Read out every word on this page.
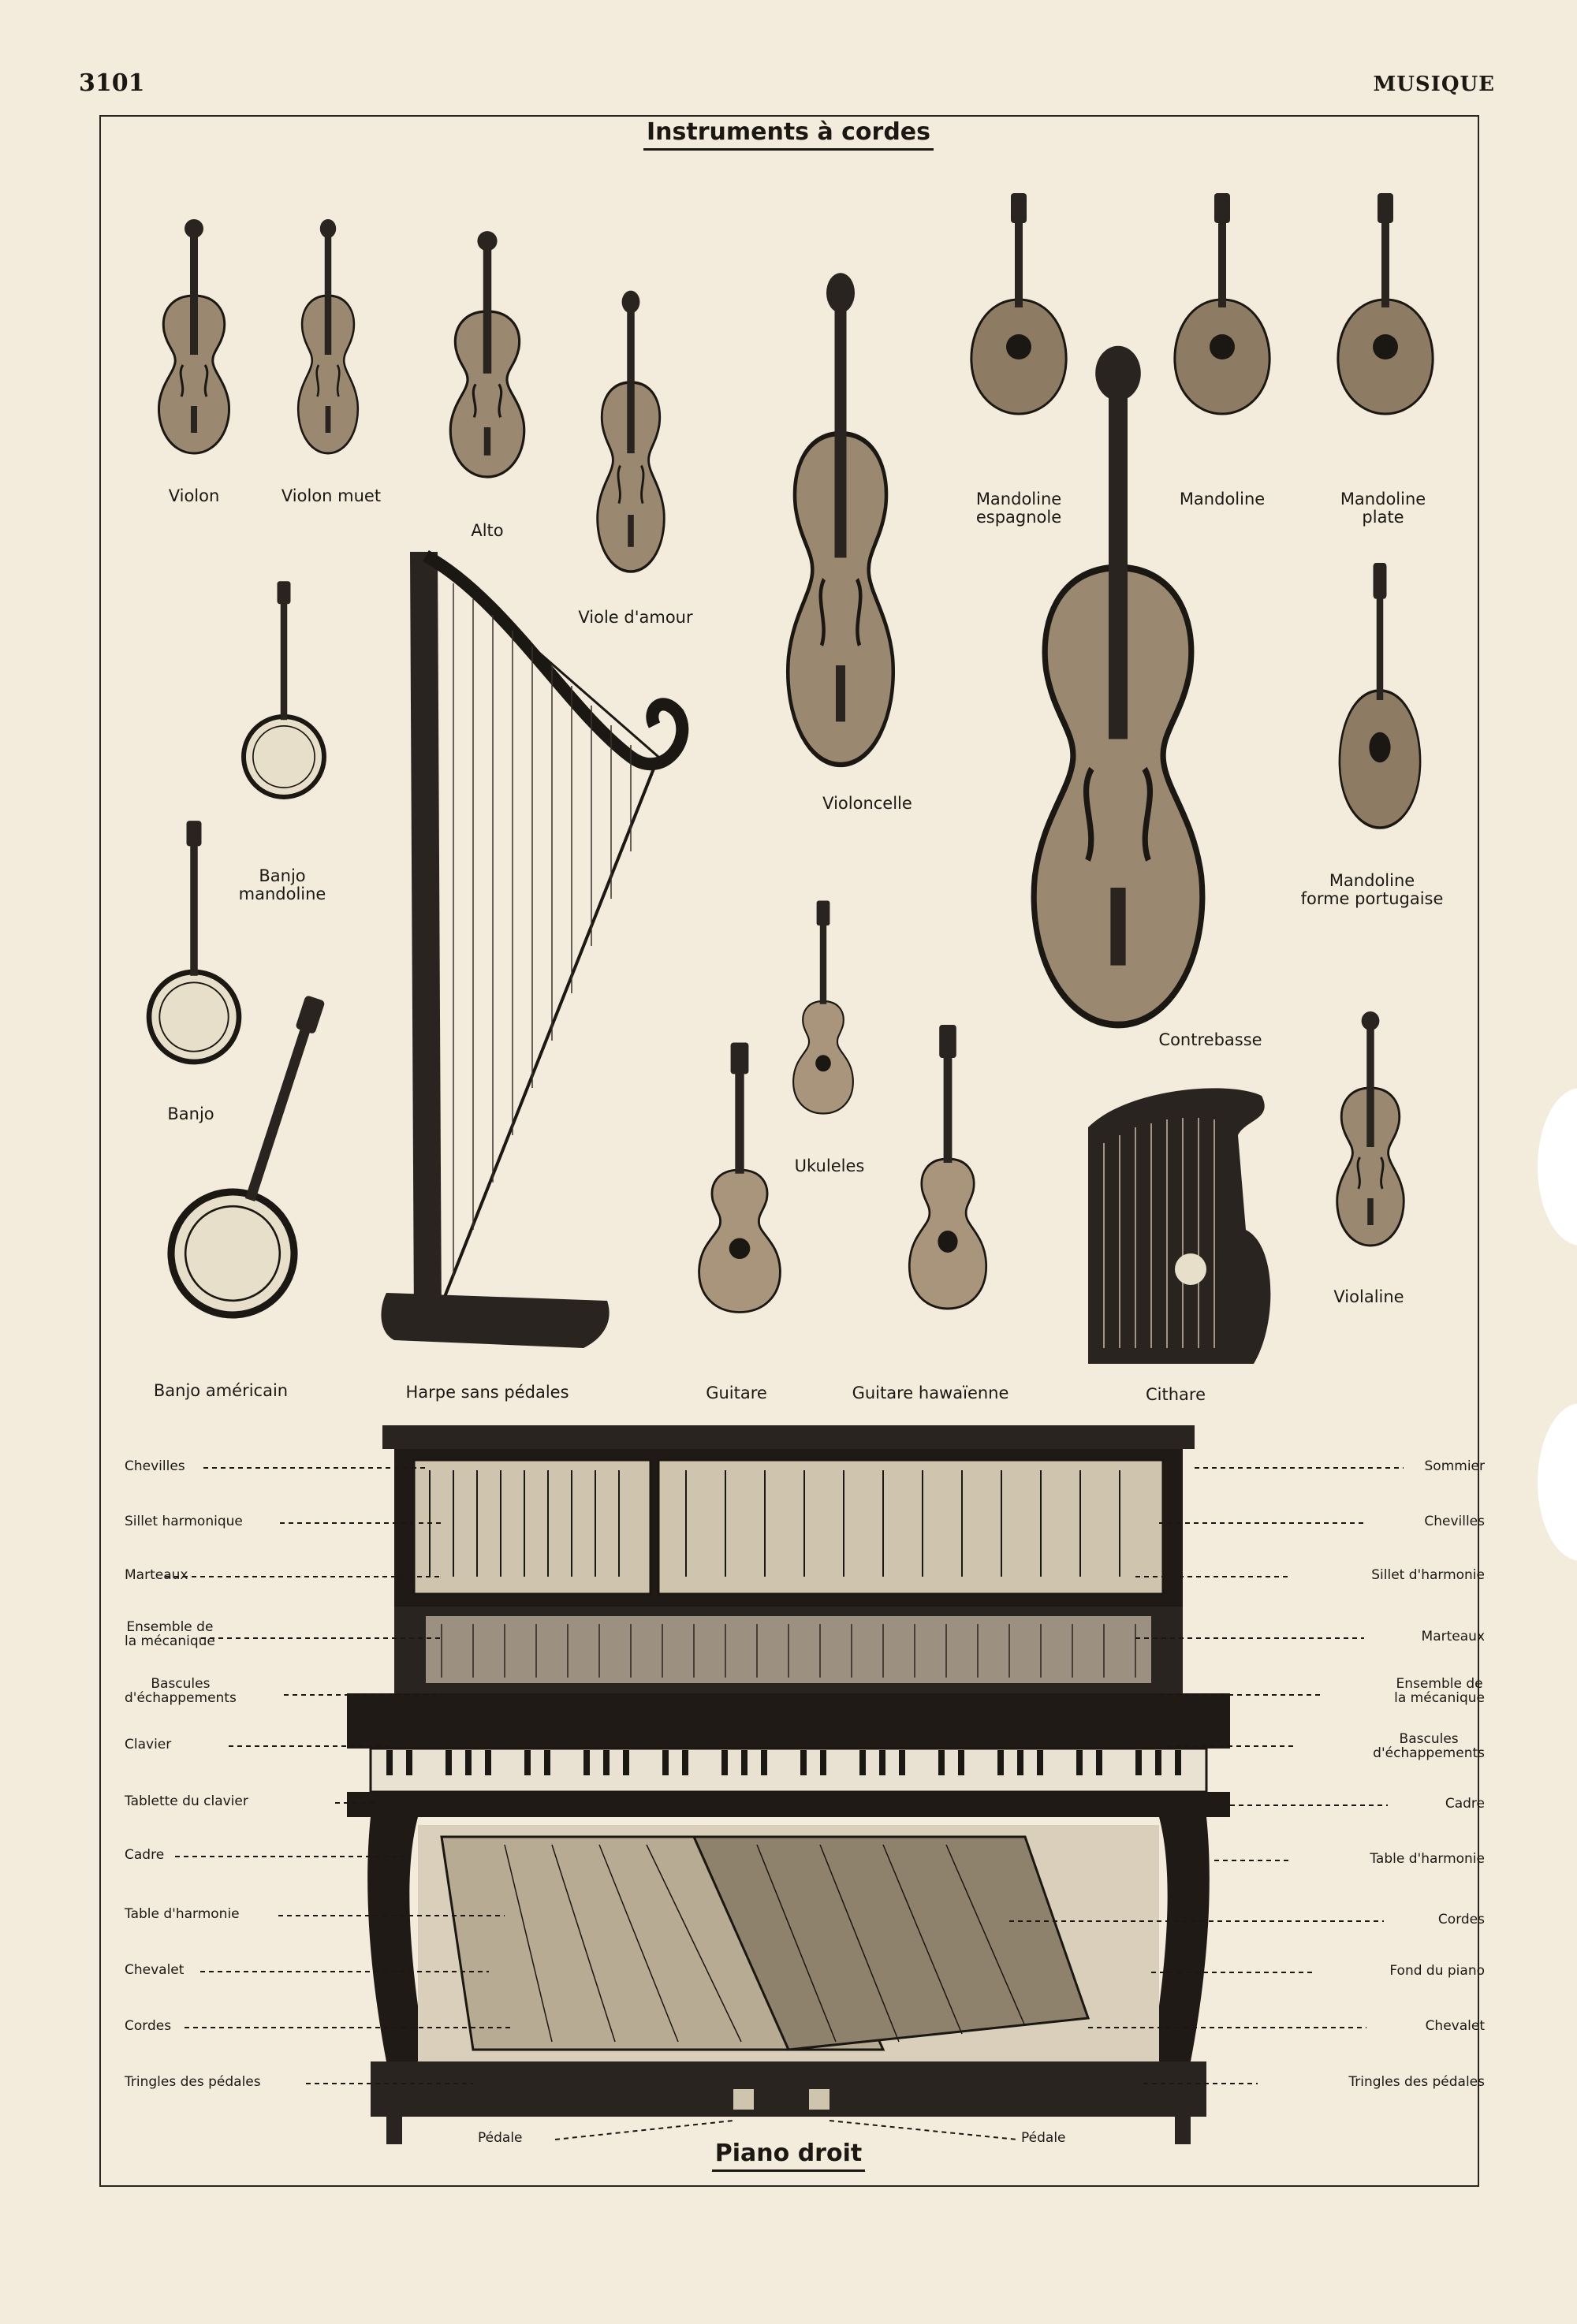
3101	MUSIQUE
Instruments à cordes
Violon	Violon muet
Alto
Viole d'amour
Mandoline
espagnole
Mandoline	Mandoline
plate
Banjo
mandoline
Violoncelle
Mandoline
forme portugaise
Contrebasse
Banjo
Ukuleles
Violaline
Banjo américain	Harpe sans pédales	Guitare	Guitare hawaïenne	Cithare
Chevilles
Sillet harmonique
Marteaux
Ensemble de
la mécanique
Bascules
d'échappements
Clavier
Tablette du clavier
Cadre
Table d'harmonie
Chevalet
Cordes
Tringles des pédales
Sommier
Chevilles
Sillet d'harmonie
Marteaux
Ensemble de
la mécanique
Bascules
d'échappements
Cadre
Table d'harmonie
Cordes
Fond du piano
Chevalet
Tringles des pédales
Pédale	Pédale
Piano droit
